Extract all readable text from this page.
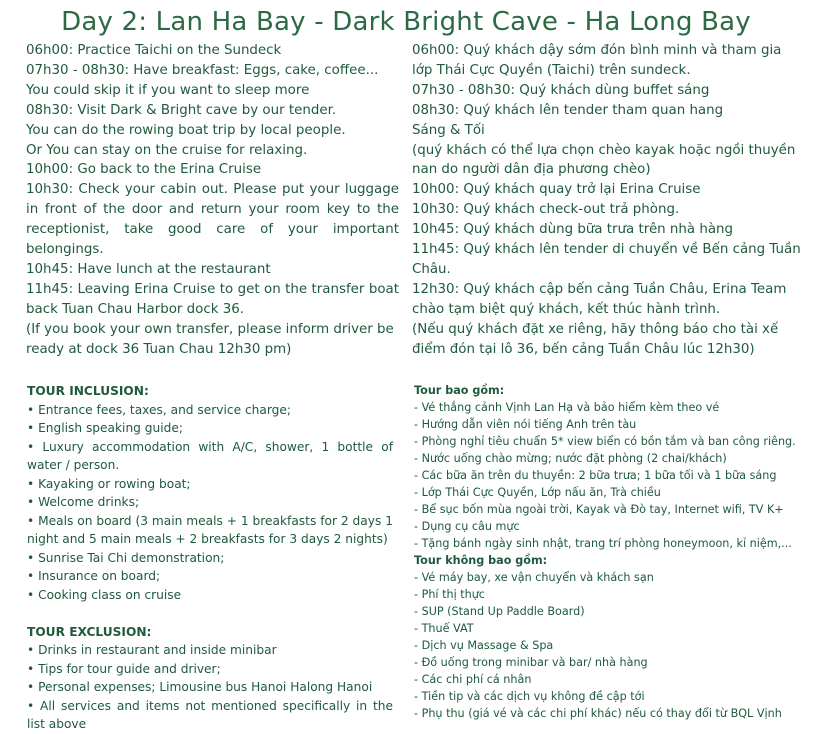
Day 2: Lan Ha Bay - Dark Bright Cave - Ha Long Bay

06h00: Practice Taichi on the Sundeck

07h30 - 08h30: Have breakfast: Eggs, cake, coffee... You could skip it if you want to sleep more

08h30: Visit Dark & Bright cave by our tender.

You can do the rowing boat trip by local people.

Or You can stay on the cruise for relaxing.

10h00: Go back to the Erina Cruise

10h30: Check your cabin out. Please put your luggage in front of the door and return your room key to the receptionist, take good care of your important belongings.

10h45: Have lunch at the restaurant

11h45: Leaving Erina Cruise to get on the transfer boat back Tuan Chau Harbor dock 36.

(If you book your own transfer, please inform driver be ready at dock 36 Tuan Chau 12h30 pm)

06h00: Quý khách dậy sớm đón bình minh và tham gia lớp Thái Cực Quyền (Taichi) trên sundeck.

07h30 - 08h30: Quý khách dùng buffet sáng

08h30: Quý khách lên tender tham quan hang

Sáng & Tối

(quý khách có thể lựa chọn chèo kayak hoặc ngồi thuyền nan do người dân địa phương chèo)

10h00: Quý khách quay trở lại Erina Cruise

10h30: Quý khách check-out trả phòng.

10h45: Quý khách dùng bữa trưa trên nhà hàng

11h45: Quý khách lên tender di chuyển về Bến cảng Tuần Châu.

12h30: Quý khách cập bến cảng Tuần Châu, Erina Team chào tạm biệt quý khách, kết thúc hành trình.

(Nếu quý khách đặt xe riêng, hãy thông báo cho tài xế điểm đón tại lô 36, bến cảng Tuần Châu lúc 12h30)

TOUR INCLUSION:

• Entrance fees, taxes, and service charge;

• English speaking guide;

• Luxury accommodation with A/C, shower, 1 bottle of water / person.

• Kayaking or rowing boat;

• Welcome drinks;

• Meals on board (3 main meals + 1 breakfasts for 2 days 1 night and 5 main meals + 2 breakfasts for 3 days 2 nights)

• Sunrise Tai Chi demonstration;

• Insurance on board;

• Cooking class on cruise

TOUR EXCLUSION:

• Drinks in restaurant and inside minibar

• Tips for tour guide and driver;

• Personal expenses; Limousine bus Hanoi Halong Hanoi

• All services and items not mentioned specifically in the list above

Tour bao gồm:

- Vé thắng cảnh Vịnh Lan Hạ và bảo hiểm kèm theo vé

- Hướng dẫn viên nói tiếng Anh trên tàu

- Phòng nghỉ tiêu chuẩn 5* view biển có bồn tắm và ban công riêng.

- Nước uống chào mừng; nước đặt phòng (2 chai/khách)

- Các bữa ăn trên du thuyền: 2 bữa trưa; 1 bữa tối và 1 bữa sáng

- Lớp Thái Cực Quyền, Lớp nấu ăn, Trà chiều

- Bể sục bốn mùa ngoài trời, Kayak và Đò tay, Internet wifi, TV K+

- Dụng cụ câu mực

- Tặng bánh ngày sinh nhật, trang trí phòng honeymoon, kỉ niệm,...

Tour không bao gồm:

- Vé máy bay, xe vận chuyển và khách sạn

- Phí thị thực

- SUP (Stand Up Paddle Board)

- Thuế VAT

- Dịch vụ Massage & Spa

- Đồ uống trong minibar và bar/ nhà hàng

- Các chi phí cá nhân

- Tiền tip và các dịch vụ không đề cập tới

- Phụ thu (giá vé và các chi phí khác) nếu có thay đổi từ BQL Vịnh
